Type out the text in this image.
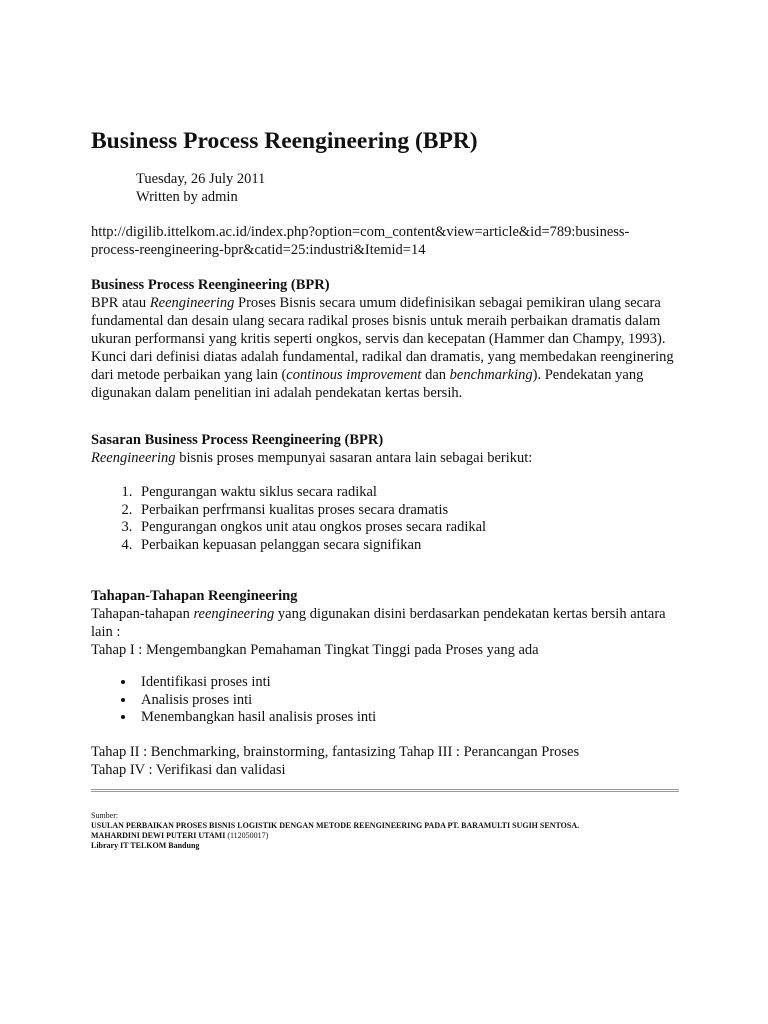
Business Process Reengineering (BPR)
Tuesday, 26 July 2011
Written by admin
http://digilib.ittelkom.ac.id/index.php?option=com_content&view=article&id=789:business-
process-reengineering-bpr&catid=25:industri&Itemid=14
Business Process Reengineering (BPR)

BPR atau Reengineering Proses Bisnis secara umum didefinisikan sebagai pemikiran ulang secara fundamental dan desain ulang secara radikal proses bisnis untuk meraih perbaikan dramatis dalam ukuran performansi yang kritis seperti ongkos, servis dan kecepatan (Hammer dan Champy, 1993). Kunci dari definisi diatas adalah fundamental, radikal dan dramatis, yang membedakan reenginering dari metode perbaikan yang lain (continous improvement dan benchmarking). Pendekatan yang digunakan dalam penelitian ini adalah pendekatan kertas bersih.

Sasaran Business Process Reengineering (BPR)

Reengineering bisnis proses mempunyai sasaran antara lain sebagai berikut:

1. Pengurangan waktu siklus secara radikal
2. Perbaikan perfrmansi kualitas proses secara dramatis
3. Pengurangan ongkos unit atau ongkos proses secara radikal
4. Perbaikan kepuasan pelanggan secara signifikan
Tahapan-Tahapan Reengineering

Tahapan-tahapan reengineering yang digunakan disini berdasarkan pendekatan kertas bersih antara lain :

Tahap I : Mengembangkan Pemahaman Tingkat Tinggi pada Proses yang ada

• Identifikasi proses inti
• Analisis proses inti
• Menembangkan hasil analisis proses inti
Tahap II : Benchmarking, brainstorming, fantasizing Tahap III : Perancangan Proses
Tahap IV : Verifikasi dan validasi
Sumber:
USULAN PERBAIKAN PROSES BISNIS LOGISTIK DENGAN METODE REENGINEERING PADA PT. BARAMULTI SUGIH SENTOSA.
MAHARDINI DEWI PUTERI UTAMI (112050017)
Library IT TELKOM Bandung
